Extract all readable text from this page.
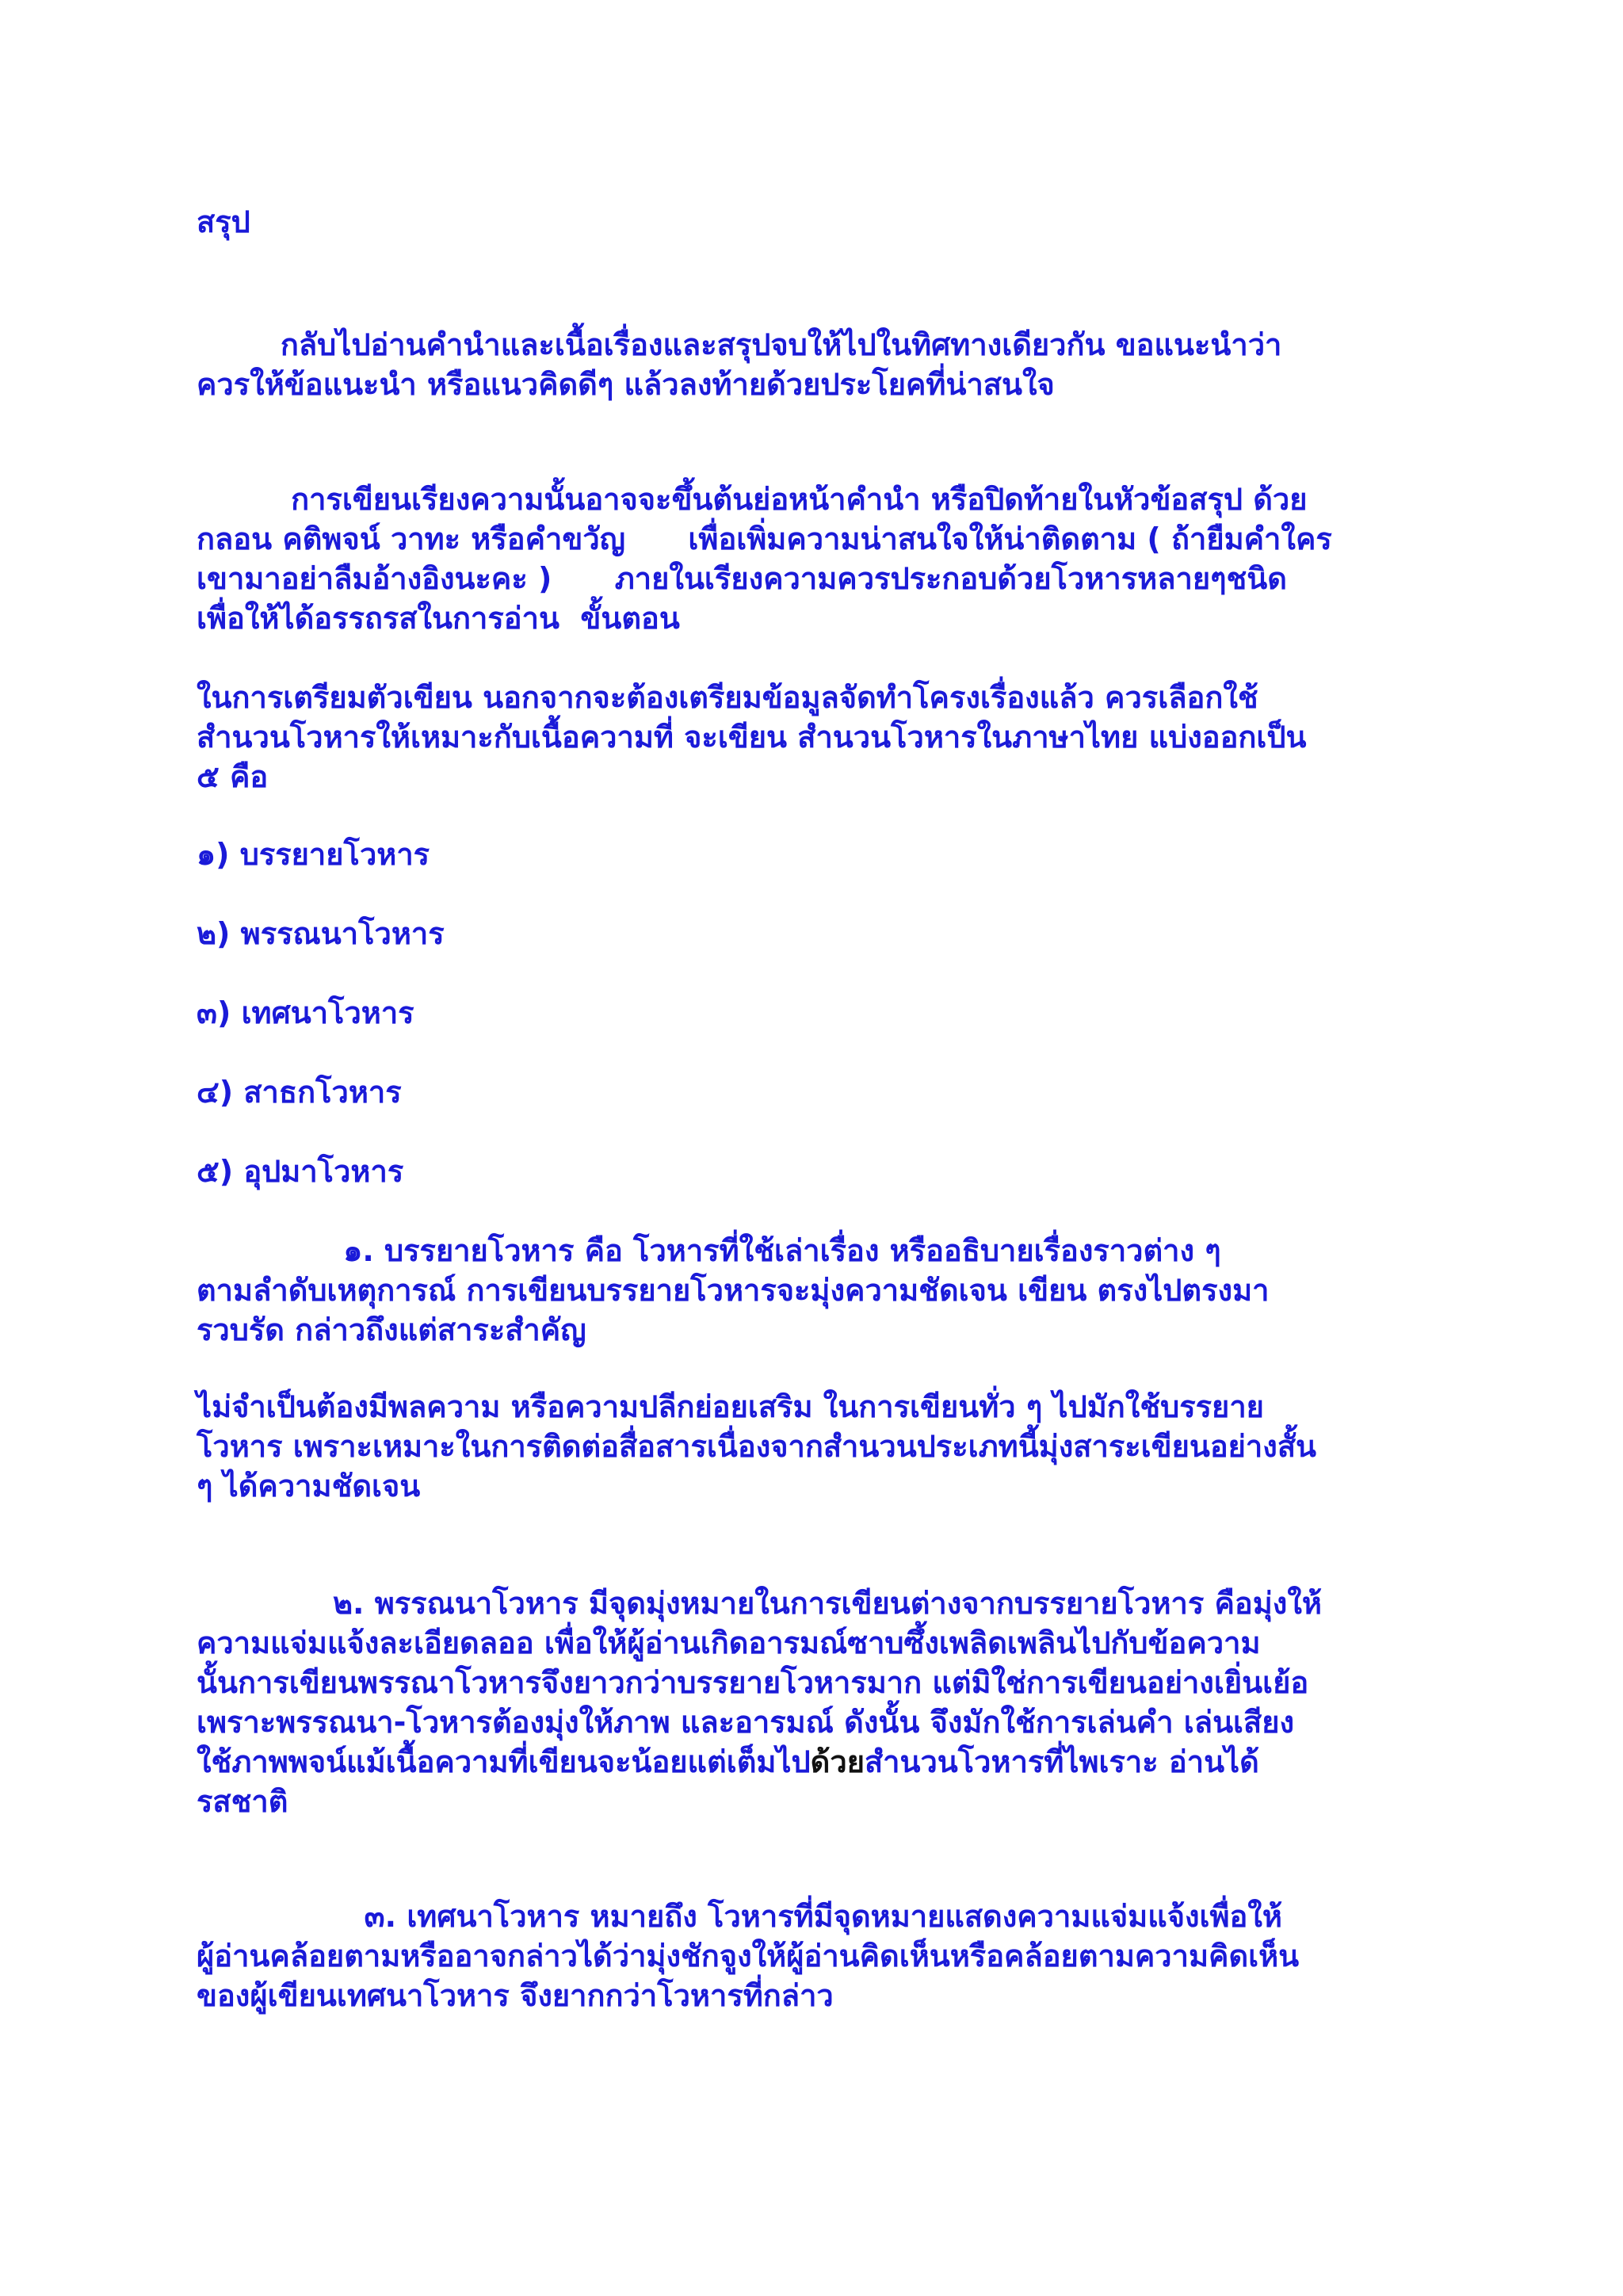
สรุป

กลับไปอ่านคำนำและเนื้อเรื่องและสรุปจบให้ไปในทิศทางเดียวกัน ขอแนะนำว่า
ควรให้ข้อแนะนำ หรือแนวคิดดีๆ แล้วลงท้ายด้วยประโยคที่น่าสนใจ

การเขียนเรียงความนั้นอาจจะขึ้นต้นย่อหน้าคำนำ หรือปิดท้ายในหัวข้อสรุป ด้วย
กลอน คติพจน์ วาทะ หรือคำขวัญ      เพื่อเพิ่มความน่าสนใจให้น่าติดตาม ( ถ้ายืมคำใคร
เขามาอย่าลืมอ้างอิงนะคะ )      ภายในเรียงความควรประกอบด้วยโวหารหลายๆชนิด
เพื่อให้ได้อรรถรสในการอ่าน  ขั้นตอน

ในการเตรียมตัวเขียน นอกจากจะต้องเตรียมข้อมูลจัดทำโครงเรื่องแล้ว ควรเลือกใช้
สำนวนโวหารให้เหมาะกับเนื้อความที่ จะเขียน สำนวนโวหารในภาษาไทย แบ่งออกเป็น
๕ คือ

๑) บรรยายโวหาร

๒) พรรณนาโวหาร

๓) เทศนาโวหาร

๔) สาธกโวหาร

๕) อุปมาโวหาร

๑. บรรยายโวหาร คือ โวหารที่ใช้เล่าเรื่อง หรืออธิบายเรื่องราวต่าง ๆ
ตามลำดับเหตุการณ์ การเขียนบรรยายโวหารจะมุ่งความชัดเจน เขียน ตรงไปตรงมา
รวบรัด กล่าวถึงแต่สาระสำคัญ

ไม่จำเป็นต้องมีพลความ หรือความปลีกย่อยเสริม ในการเขียนทั่ว ๆ ไปมักใช้บรรยาย
โวหาร เพราะเหมาะในการติดต่อสื่อสารเนื่องจากสำนวนประเภทนี้มุ่งสาระเขียนอย่างสั้น
ๆ ได้ความชัดเจน

๒. พรรณนาโวหาร มีจุดมุ่งหมายในการเขียนต่างจากบรรยายโวหาร คือมุ่งให้
ความแจ่มแจ้งละเอียดลออ เพื่อให้ผู้อ่านเกิดอารมณ์ซาบซึ้งเพลิดเพลินไปกับข้อความ
นั้นการเขียนพรรณาโวหารจึงยาวกว่าบรรยายโวหารมาก แต่มิใช่การเขียนอย่างเยิ่นเย้อ
เพราะพรรณนา-โวหารต้องมุ่งให้ภาพ และอารมณ์ ดังนั้น จึงมักใช้การเล่นคำ เล่นเสียง
ใช้ภาพพจน์แม้เนื้อความที่เขียนจะน้อยแต่เต็มไปด้วยสำนวนโวหารที่ไพเราะ อ่านได้
รสชาติ

๓. เทศนาโวหาร หมายถึง โวหารที่มีจุดหมายแสดงความแจ่มแจ้งเพื่อให้
ผู้อ่านคล้อยตามหรืออาจกล่าวได้ว่ามุ่งชักจูงให้ผู้อ่านคิดเห็นหรือคล้อยตามความคิดเห็น
ของผู้เขียนเทศนาโวหาร จึงยากกว่าโวหารที่กล่าว
